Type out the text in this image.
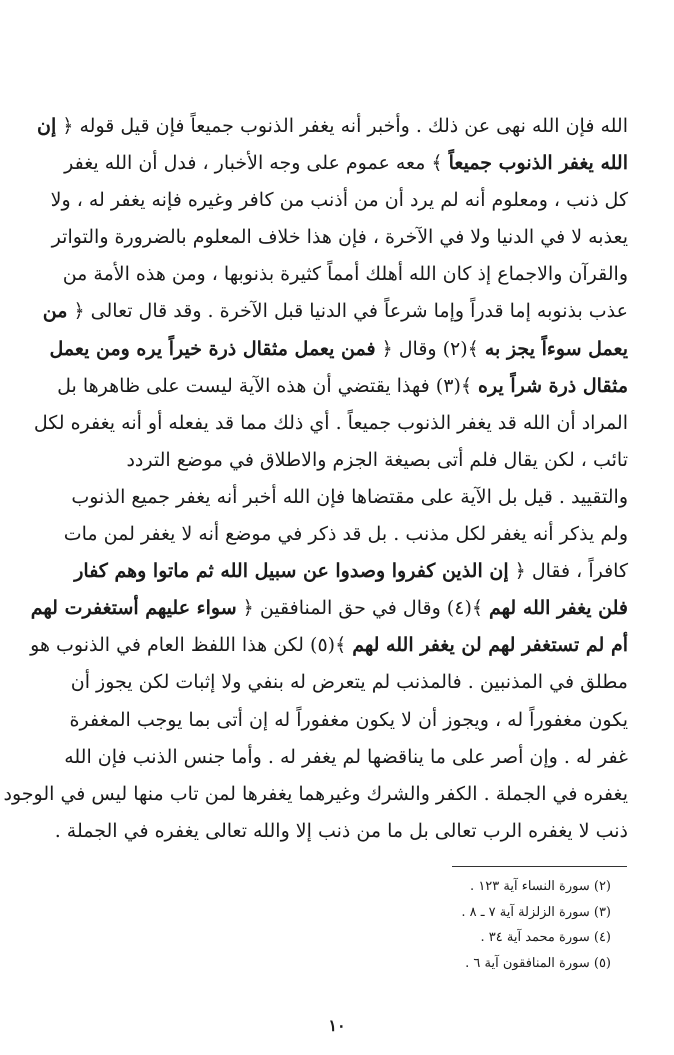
الله فإن الله نهى عن ذلك . وأخبر أنه يغفر الذنوب جميعاً فإن قيل قوله ﴿ إن
الله يغفر الذنوب جميعاً ﴾ معه عموم على وجه الأخبار ، فدل أن الله يغفر
كل ذنب ، ومعلوم أنه لم يرد أن من أذنب من كافر وغيره فإنه يغفر له ، ولا
يعذبه لا في الدنيا ولا في الآخرة ، فإن هذا خلاف المعلوم بالضرورة والتواتر
والقرآن والاجماع إذ كان الله أهلك أمماً كثيرة بذنوبها ، ومن هذه الأمة من
عذب بذنوبه إما قدراً وإما شرعاً في الدنيا قبل الآخرة . وقد قال تعالى ﴿ من
يعمل سوءاً يجز به ﴾(٢) وقال ﴿ فمن يعمل مثقال ذرة خيراً يره ومن يعمل
مثقال ذرة شراً يره ﴾(٣) فهذا يقتضي أن هذه الآية ليست على ظاهرها بل
المراد أن الله قد يغفر الذنوب جميعاً . أي ذلك مما قد يفعله أو أنه يغفره لكل
تائب ، لكن يقال فلم أتى بصيغة الجزم والاطلاق في موضع التردد
والتقييد . قيل بل الآية على مقتضاها فإن الله أخبر أنه يغفر جميع الذنوب
ولم يذكر أنه يغفر لكل مذنب . بل قد ذكر في موضع أنه لا يغفر لمن مات
كافراً ، فقال ﴿ إن الذين كفروا وصدوا عن سبيل الله ثم ماتوا وهم كفار
فلن يغفر الله لهم ﴾(٤) وقال في حق المنافقين ﴿ سواء عليهم أستغفرت لهم
أم لم تستغفر لهم لن يغفر الله لهم ﴾(٥) لكن هذا اللفظ العام في الذنوب هو
مطلق في المذنبين . فالمذنب لم يتعرض له بنفي ولا إثبات لكن يجوز أن
يكون مغفوراً له ، ويجوز أن لا يكون مغفوراً له إن أتى بما يوجب المغفرة
غفر له . وإن أصر على ما يناقضها لم يغفر له . وأما جنس الذنب فإن الله
يغفره في الجملة . الكفر والشرك وغيرهما يغفرها لمن تاب منها ليس في الوجود
ذنب لا يغفره الرب تعالى بل ما من ذنب إلا والله تعالى يغفره في الجملة .
(٢) سورة النساء آية ١٢٣ .
(٣) سورة الزلزلة آية ٧ ـ ٨ .
(٤) سورة محمد آية ٣٤ .
(٥) سورة المنافقون آية ٦ .
١٠
